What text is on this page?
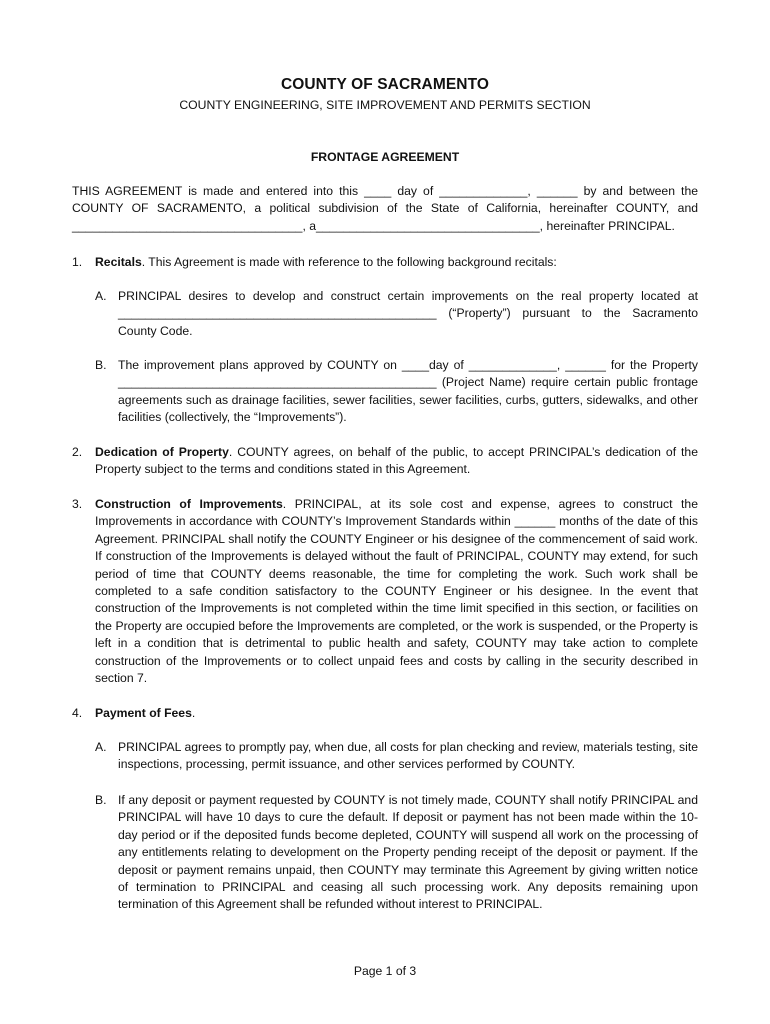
COUNTY OF SACRAMENTO
COUNTY ENGINEERING, SITE IMPROVEMENT AND PERMITS SECTION
FRONTAGE AGREEMENT
THIS AGREEMENT is made and entered into this ____ day of _____________, ______ by and between the COUNTY OF SACRAMENTO, a political subdivision of the State of California, hereinafter COUNTY, and __________________________________, a_________________________________, hereinafter PRINCIPAL.
1.	Recitals. This Agreement is made with reference to the following background recitals:
A. PRINCIPAL desires to develop and construct certain improvements on the real property located at _______________________________________________ (“Property”) pursuant to the Sacramento County Code.
B. The improvement plans approved by COUNTY on ____day of _____________, ______ for the Property _______________________________________________ (Project Name) require certain public frontage agreements such as drainage facilities, sewer facilities, sewer facilities, curbs, gutters, sidewalks, and other facilities (collectively, the “Improvements”).
2.	Dedication of Property. COUNTY agrees, on behalf of the public, to accept PRINCIPAL’s dedication of the Property subject to the terms and conditions stated in this Agreement.
3.	Construction of Improvements. PRINCIPAL, at its sole cost and expense, agrees to construct the Improvements in accordance with COUNTY’s Improvement Standards within ______ months of the date of this Agreement. PRINCIPAL shall notify the COUNTY Engineer or his designee of the commencement of said work. If construction of the Improvements is delayed without the fault of PRINCIPAL, COUNTY may extend, for such period of time that COUNTY deems reasonable, the time for completing the work. Such work shall be completed to a safe condition satisfactory to the COUNTY Engineer or his designee. In the event that construction of the Improvements is not completed within the time limit specified in this section, or facilities on the Property are occupied before the Improvements are completed, or the work is suspended, or the Property is left in a condition that is detrimental to public health and safety, COUNTY may take action to complete construction of the Improvements or to collect unpaid fees and costs by calling in the security described in section 7.
4.	Payment of Fees.
A. PRINCIPAL agrees to promptly pay, when due, all costs for plan checking and review, materials testing, site inspections, processing, permit issuance, and other services performed by COUNTY.
B. If any deposit or payment requested by COUNTY is not timely made, COUNTY shall notify PRINCIPAL and PRINCIPAL will have 10 days to cure the default. If deposit or payment has not been made within the 10-day period or if the deposited funds become depleted, COUNTY will suspend all work on the processing of any entitlements relating to development on the Property pending receipt of the deposit or payment. If the deposit or payment remains unpaid, then COUNTY may terminate this Agreement by giving written notice of termination to PRINCIPAL and ceasing all such processing work. Any deposits remaining upon termination of this Agreement shall be refunded without interest to PRINCIPAL.
Page 1 of 3
